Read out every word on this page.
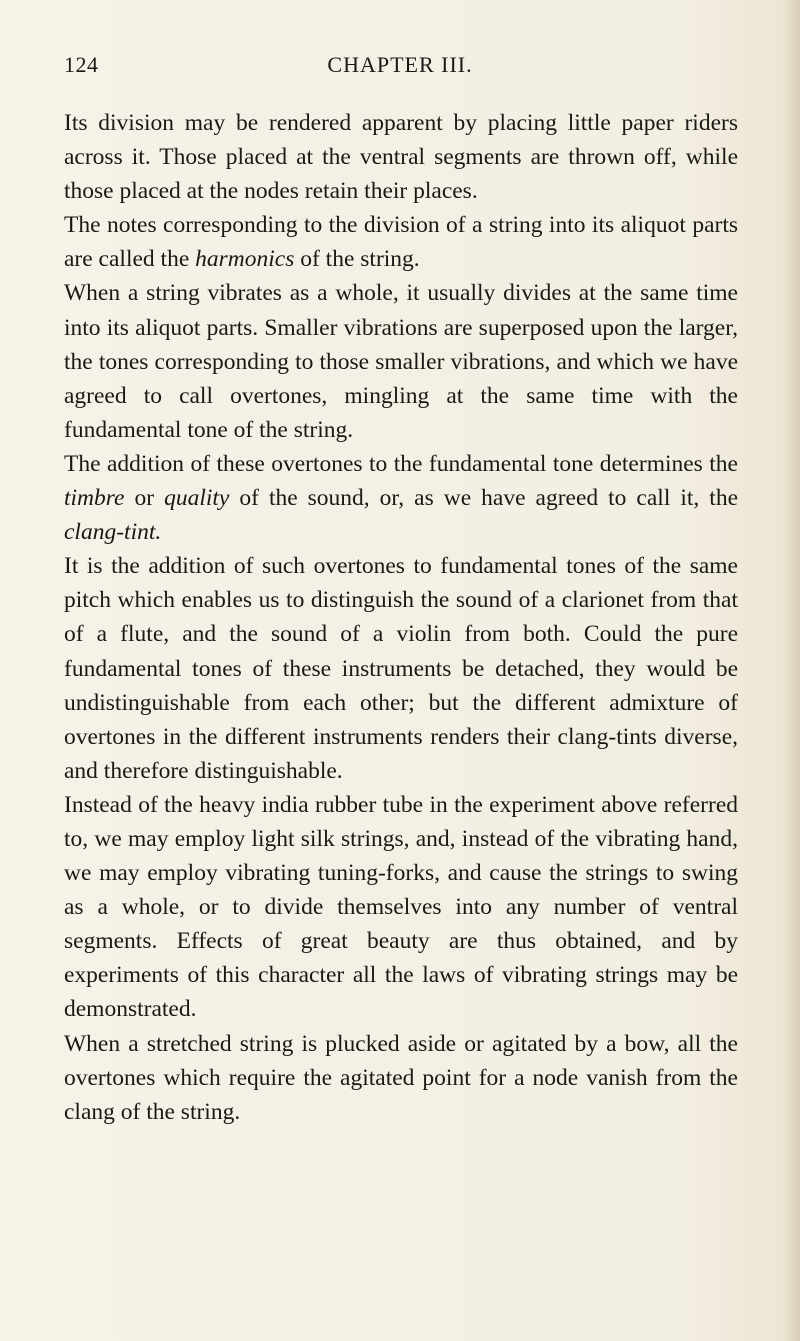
124	CHAPTER III.

Its division may be rendered apparent by placing little paper riders across it. Those placed at the ventral segments are thrown off, while those placed at the nodes retain their places.

The notes corresponding to the division of a string into its aliquot parts are called the harmonics of the string.

When a string vibrates as a whole, it usually divides at the same time into its aliquot parts. Smaller vibrations are superposed upon the larger, the tones corresponding to those smaller vibrations, and which we have agreed to call overtones, mingling at the same time with the fundamental tone of the string.

The addition of these overtones to the fundamental tone determines the timbre or quality of the sound, or, as we have agreed to call it, the clang-tint.

It is the addition of such overtones to fundamental tones of the same pitch which enables us to distinguish the sound of a clarionet from that of a flute, and the sound of a violin from both. Could the pure fundamental tones of these instruments be detached, they would be undistinguishable from each other; but the different admixture of overtones in the different instruments renders their clang-tints diverse, and therefore distinguishable.

Instead of the heavy india rubber tube in the experiment above referred to, we may employ light silk strings, and, instead of the vibrating hand, we may employ vibrating tuning-forks, and cause the strings to swing as a whole, or to divide themselves into any number of ventral segments. Effects of great beauty are thus obtained, and by experiments of this character all the laws of vibrating strings may be demonstrated.

When a stretched string is plucked aside or agitated by a bow, all the overtones which require the agitated point for a node vanish from the clang of the string.
